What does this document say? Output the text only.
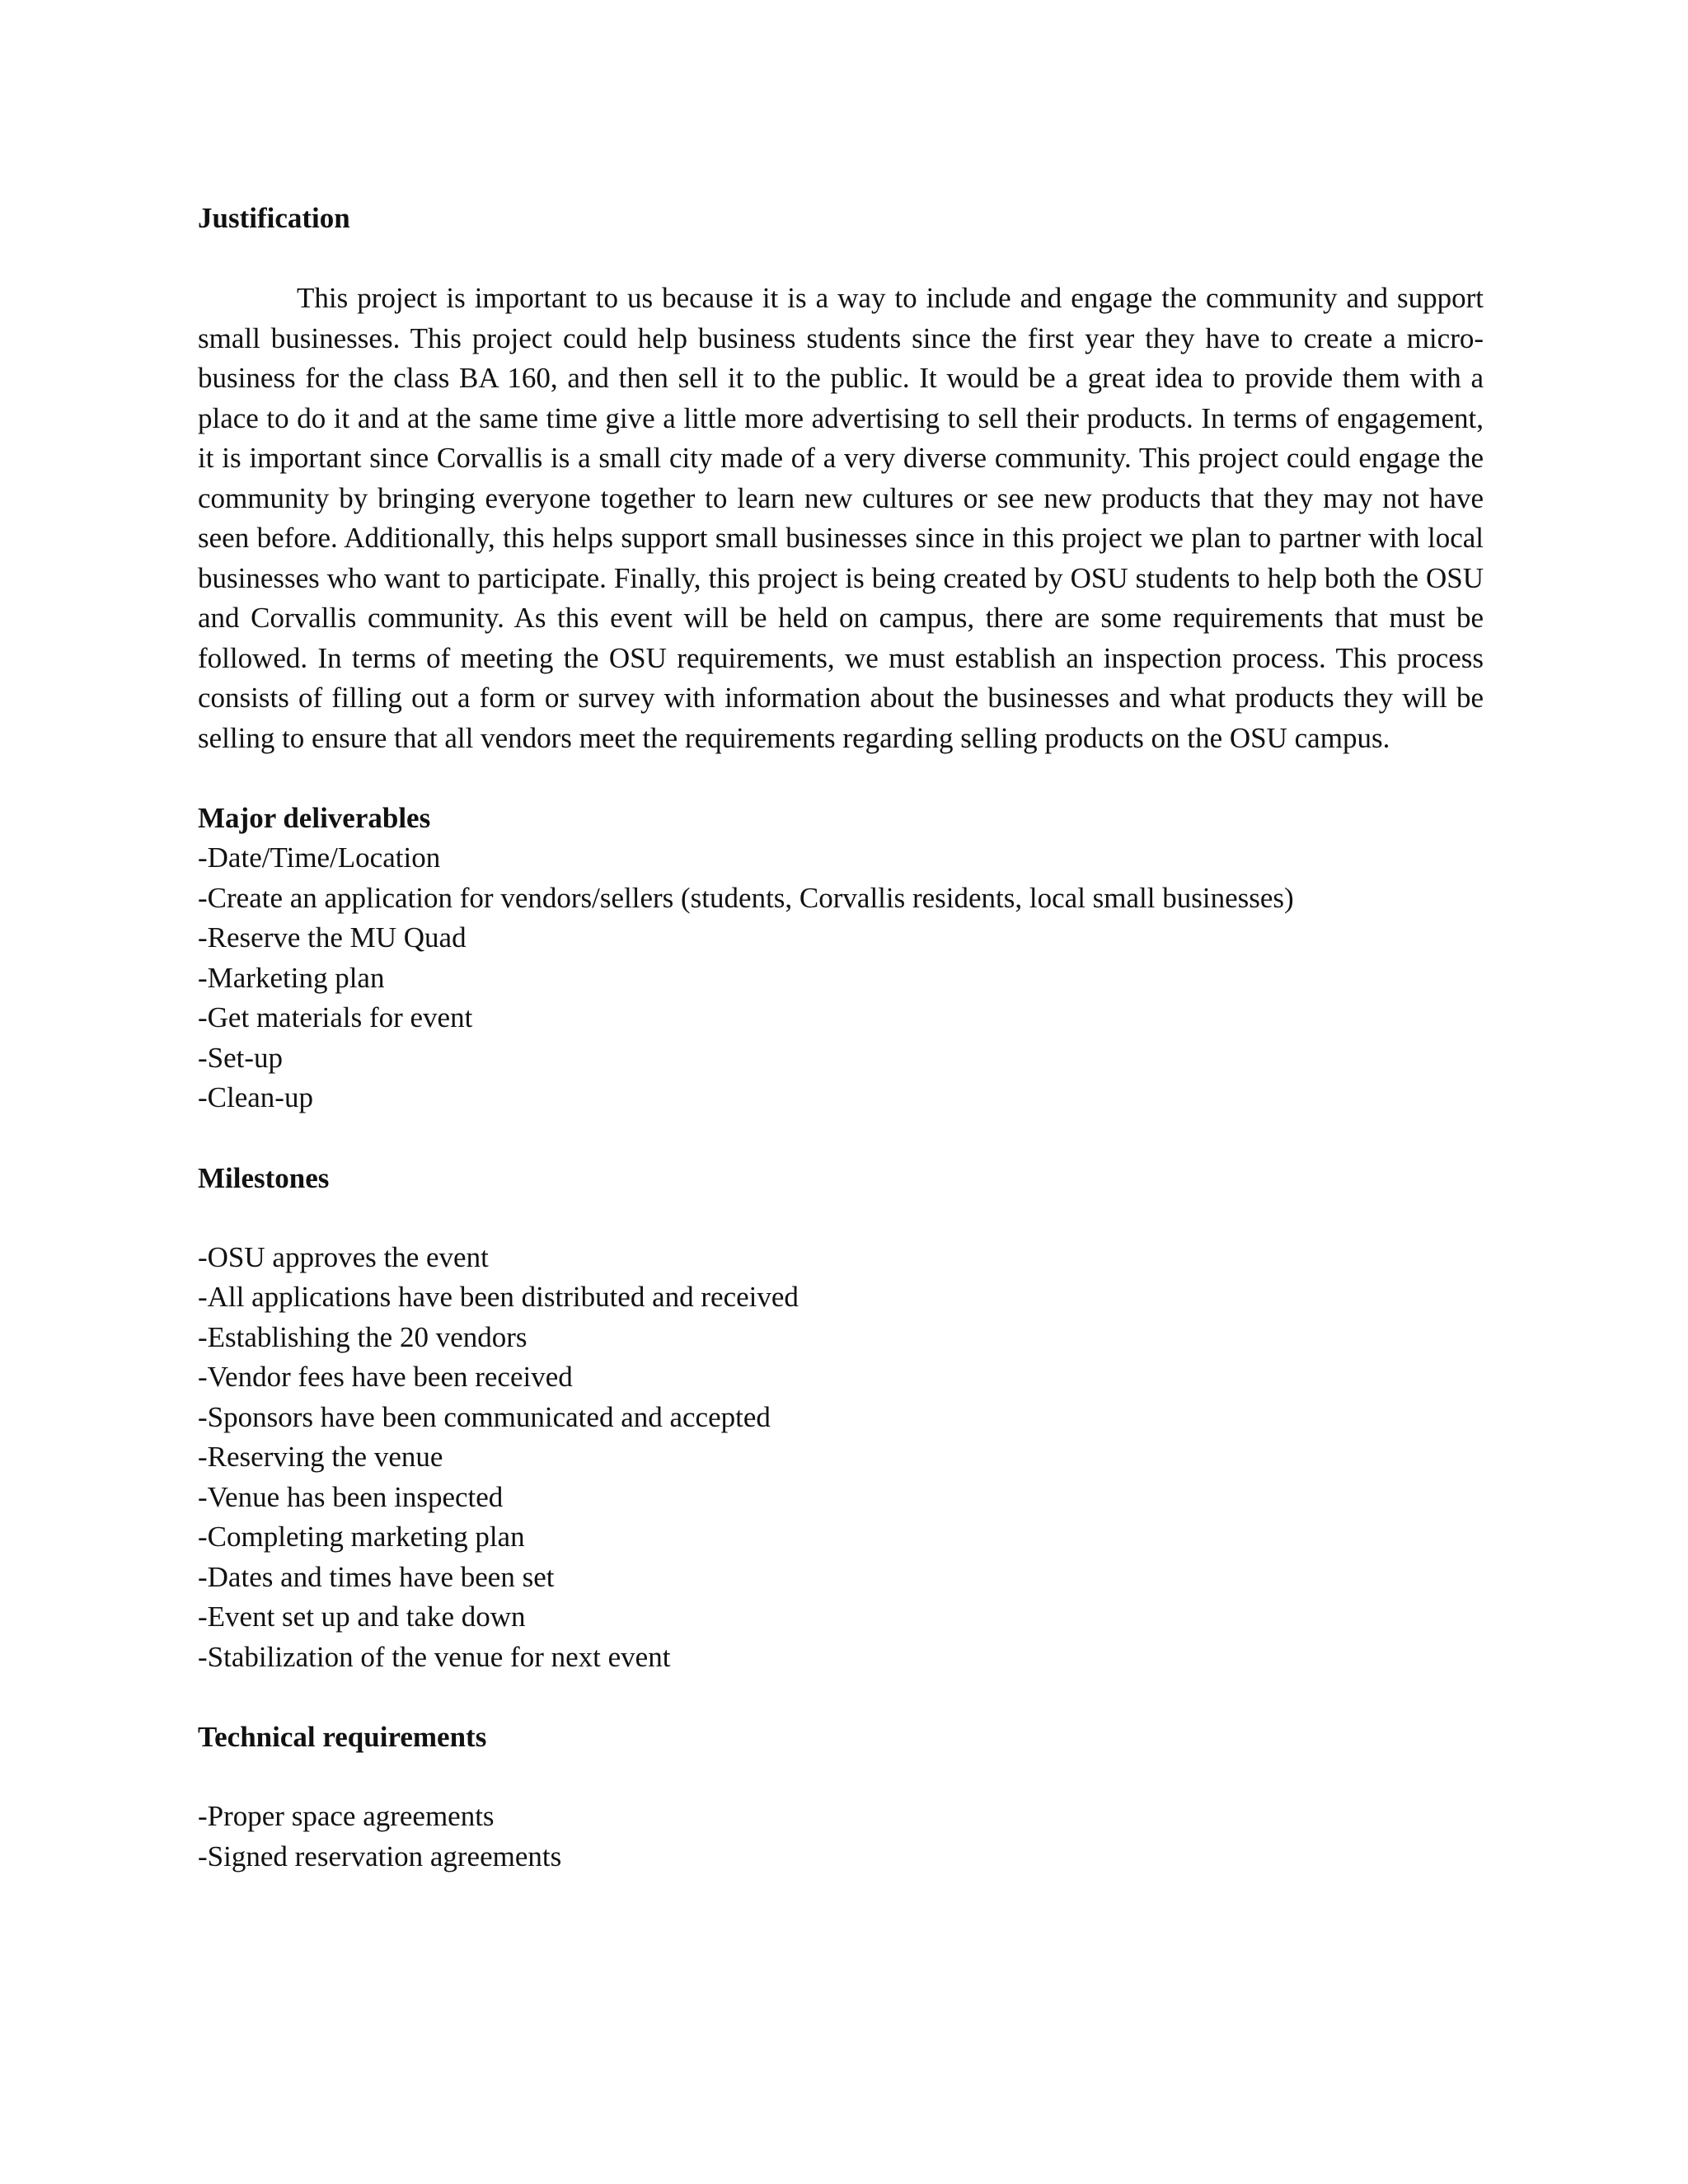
Justification

This project is important to us because it is a way to include and engage the community and support small businesses. This project could help business students since the first year they have to create a micro-business for the class BA 160, and then sell it to the public. It would be a great idea to provide them with a place to do it and at the same time give a little more advertising to sell their products. In terms of engagement, it is important since Corvallis is a small city made of a very diverse community. This project could engage the community by bringing everyone together to learn new cultures or see new products that they may not have seen before. Additionally, this helps support small businesses since in this project we plan to partner with local businesses who want to participate. Finally, this project is being created by OSU students to help both the OSU and Corvallis community. As this event will be held on campus, there are some requirements that must be followed. In terms of meeting the OSU requirements, we must establish an inspection process. This process consists of filling out a form or survey with information about the businesses and what products they will be selling to ensure that all vendors meet the requirements regarding selling products on the OSU campus.

Major deliverables
-Date/Time/Location
-Create an application for vendors/sellers (students, Corvallis residents, local small businesses)
-Reserve the MU Quad
-Marketing plan
-Get materials for event
-Set-up
-Clean-up
Milestones
-OSU approves the event
-All applications have been distributed and received
-Establishing the 20 vendors
-Vendor fees have been received
-Sponsors have been communicated and accepted
-Reserving the venue
-Venue has been inspected
-Completing marketing plan
-Dates and times have been set
-Event set up and take down
-Stabilization of the venue for next event
Technical requirements
-Proper space agreements
-Signed reservation agreements
